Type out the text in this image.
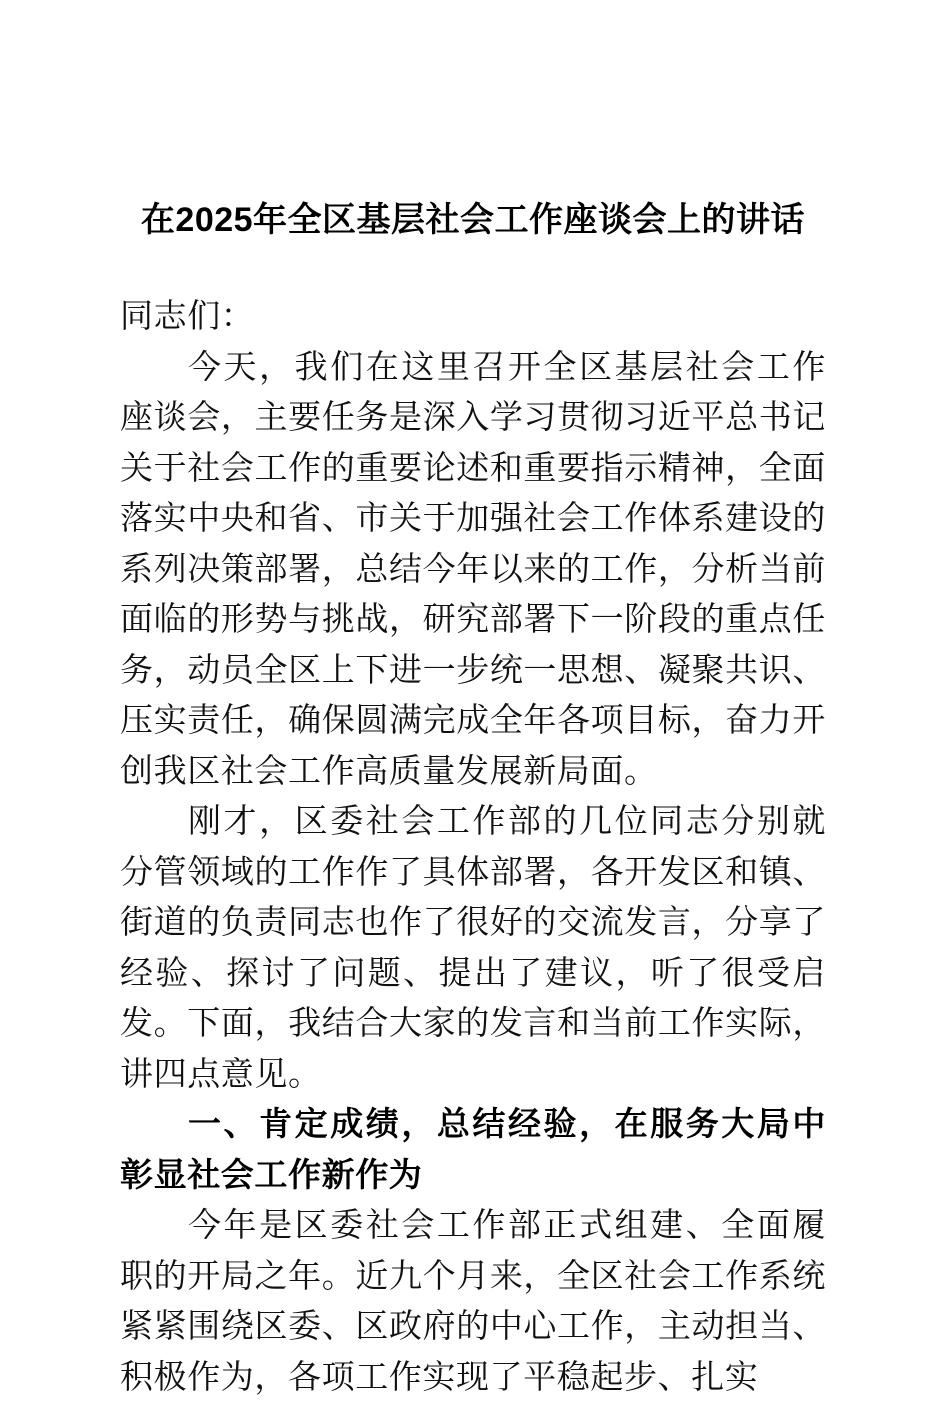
在2025年全区基层社会工作座谈会上的讲话

同志们：

今天，我们在这里召开全区基层社会工作座谈会，主要任务是深入学习贯彻习近平总书记关于社会工作的重要论述和重要指示精神，全面落实中央和省、市关于加强社会工作体系建设的系列决策部署，总结今年以来的工作，分析当前面临的形势与挑战，研究部署下一阶段的重点任务，动员全区上下进一步统一思想、凝聚共识、压实责任，确保圆满完成全年各项目标，奋力开创我区社会工作高质量发展新局面。

刚才，区委社会工作部的几位同志分别就分管领域的工作作了具体部署，各开发区和镇、街道的负责同志也作了很好的交流发言，分享了经验、探讨了问题、提出了建议，听了很受启发。下面，我结合大家的发言和当前工作实际，讲四点意见。

一、肯定成绩，总结经验，在服务大局中彰显社会工作新作为

今年是区委社会工作部正式组建、全面履职的开局之年。近九个月来，全区社会工作系统紧紧围绕区委、区政府的中心工作，主动担当、积极作为，各项工作实现了平稳起步、扎实
